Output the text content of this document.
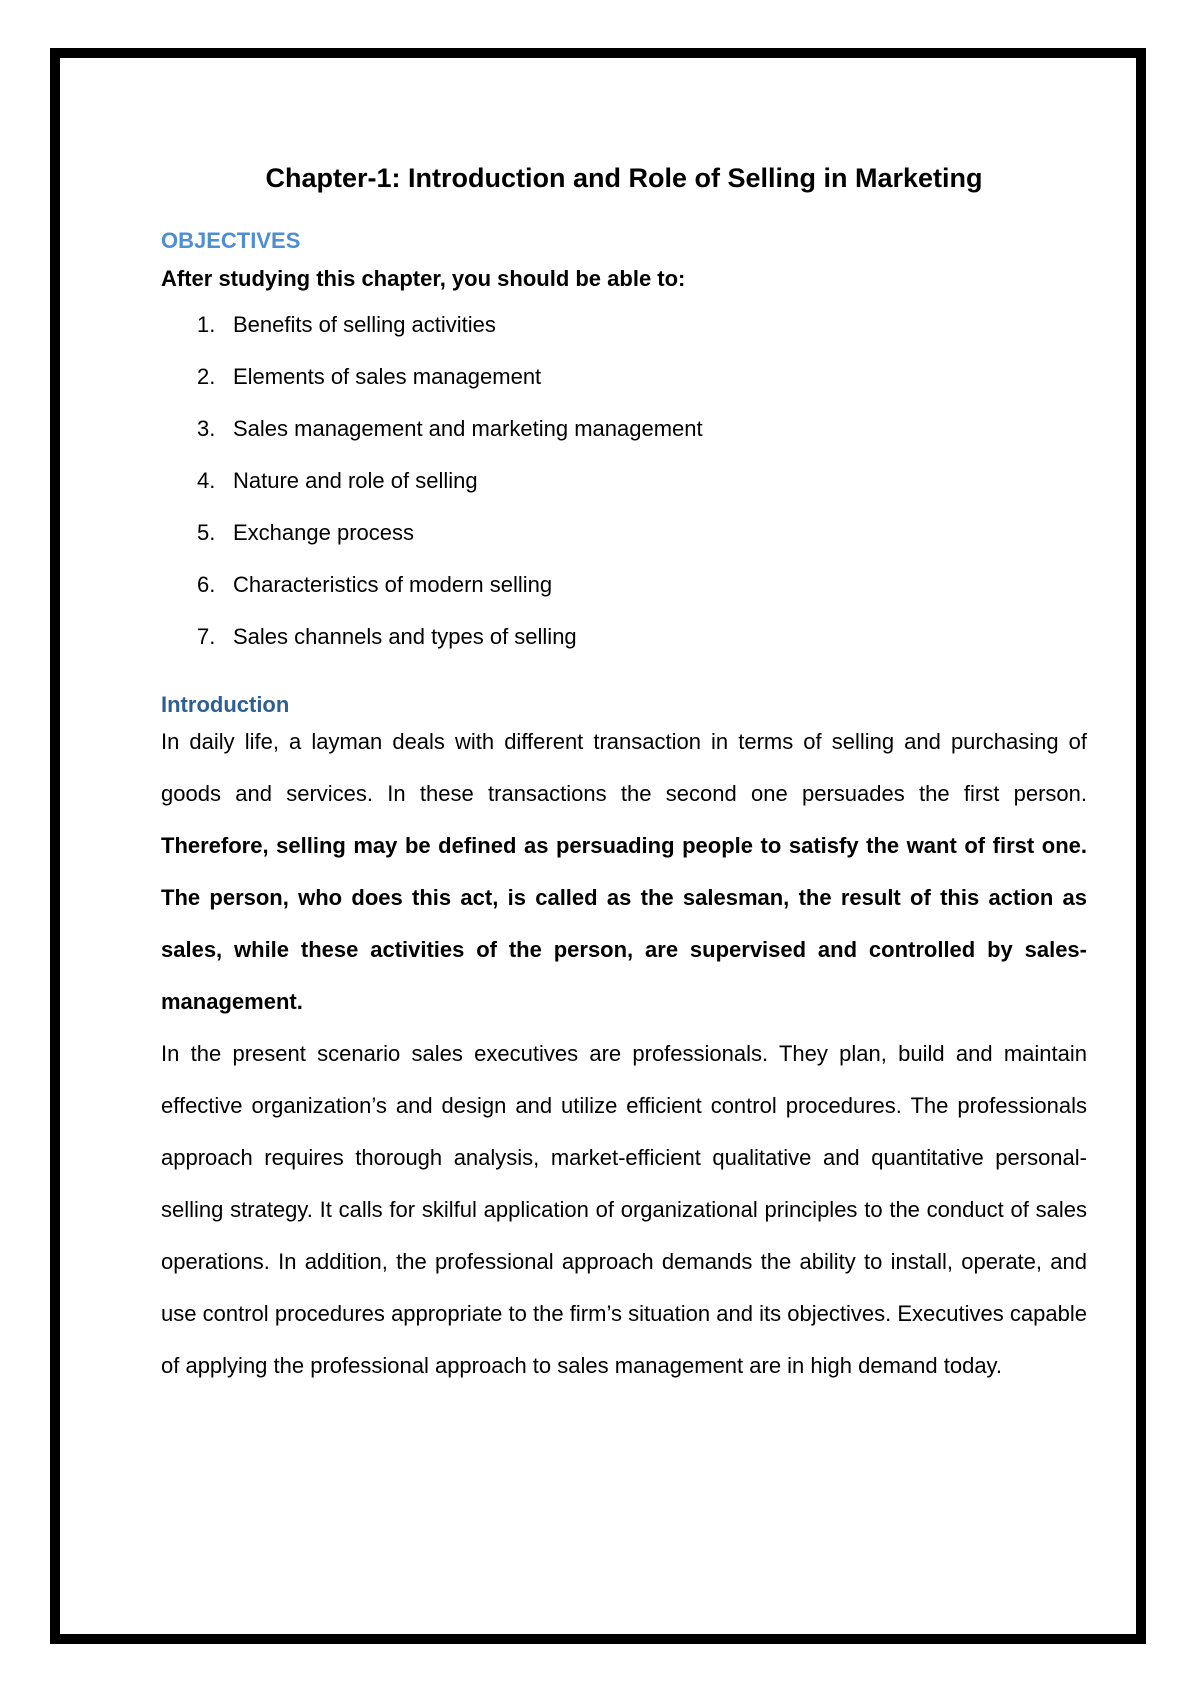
Chapter-1: Introduction and Role of Selling in Marketing
OBJECTIVES
After studying this chapter, you should be able to:
1. Benefits of selling activities
2. Elements of sales management
3. Sales management and marketing management
4. Nature and role of selling
5. Exchange process
6. Characteristics of modern selling
7. Sales channels and types of selling
Introduction

In daily life, a layman deals with different transaction in terms of selling and purchasing of goods and services. In these transactions the second one persuades the first person. Therefore, selling may be defined as persuading people to satisfy the want of first one. The person, who does this act, is called as the salesman, the result of this action as sales, while these activities of the person, are supervised and controlled by sales-management.

In the present scenario sales executives are professionals. They plan, build and maintain effective organization’s and design and utilize efficient control procedures. The professionals approach requires thorough analysis, market-efficient qualitative and quantitative personal-selling strategy. It calls for skilful application of organizational principles to the conduct of sales operations. In addition, the professional approach demands the ability to install, operate, and use control procedures appropriate to the firm’s situation and its objectives. Executives capable of applying the professional approach to sales management are in high demand today.
